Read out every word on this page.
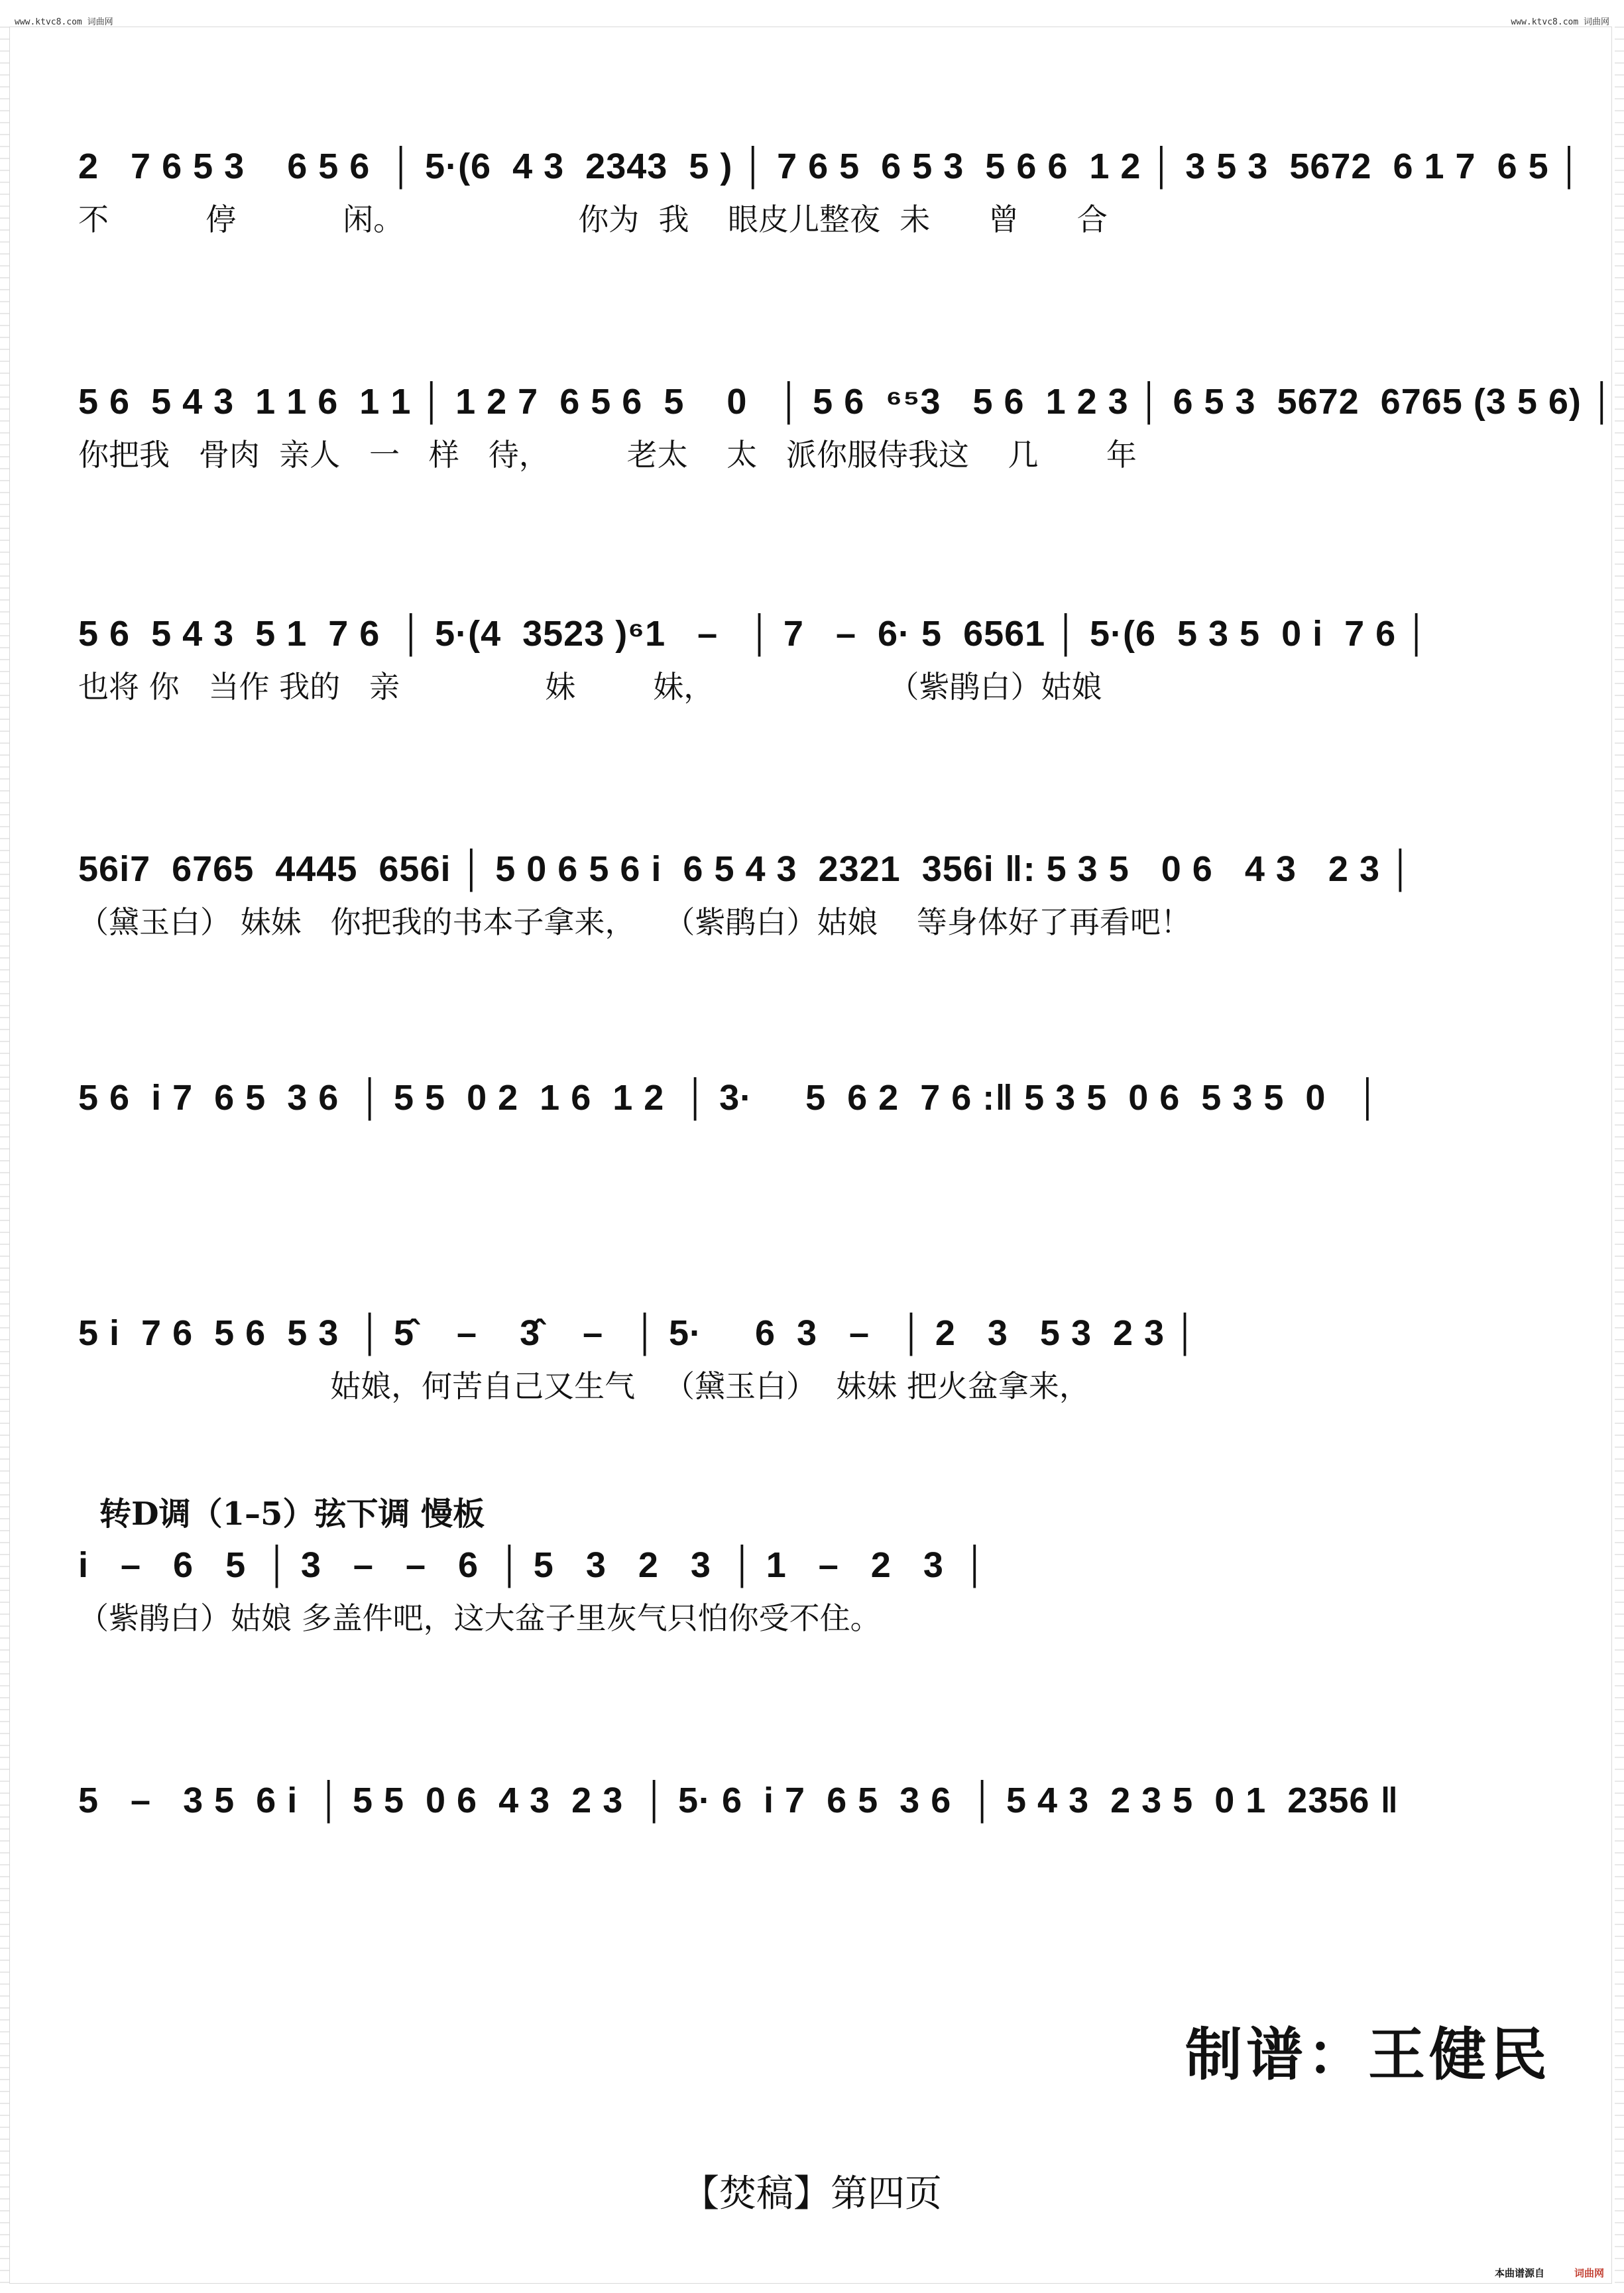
www.ktvc8.com 词曲网	www.ktvc8.com 词曲网
2   7 6 5 3    6 5 6  │ 5·(6  4 3  2343  5 ) │ 7 6 5  6 5 3  5 6 6  1 2 │ 3 5 3  5672  6 1 7  6 5 │
不          停           闲。                  你为  我    眼皮儿整夜  未      曾      合
5 6  5 4 3  1 1 6  1 1 │ 1 2 7  6 5 6  5    0   │ 5 6  ⁶⁵3   5 6  1 2 3 │ 6 5 3  5672  6765 (3 5 6) │
你把我   骨肉  亲人   一   样   待，        老太    太   派你服侍我这    几       年
5 6  5 4 3  5 1  7 6  │ 5·(4  3523 )⁶1   –   │ 7   –  6· 5  6561 │ 5·(6  5 3 5  0 i  7 6 │
也将 你   当作 我的   亲               妹        妹，                  （紫鹃白）姑娘
56i7  6765  4445  656i │ 5 0 6 5 6 i  6 5 4 3  2321  356i ‖: 5 3 5   0 6   4 3   2 3 │
（黛玉白） 妹妹   你把我的书本子拿来，   （紫鹃白）姑娘    等身体好了再看吧！
5 6  i 7  6 5  3 6  │ 5 5  0 2  1 6  1 2  │ 3·     5  6 2  7 6 :‖ 5 3 5  0 6  5 3 5  0   │
5 i  7 6  5 6  5 3  │ 5̂    –    3̂    –   │ 5·     6  3   –   │ 2   3   5 3  2 3 │
姑娘，何苦自己又生气   （黛玉白）  妹妹 把火盆拿来，
转D调（1–5）弦下调 慢板
i   –   6   5  │ 3   –   –   6  │ 5   3   2   3  │ 1   –   2   3  │
（紫鹃白）姑娘 多盖件吧，这大盆子里灰气只怕你受不住。
5   –   3 5  6 i  │ 5 5  0 6  4 3  2 3  │ 5· 6  i 7  6 5  3 6  │ 5 4 3  2 3 5  0 1  2356 ‖
制谱：王健民
【焚稿】第四页
本曲谱源自	词曲网
